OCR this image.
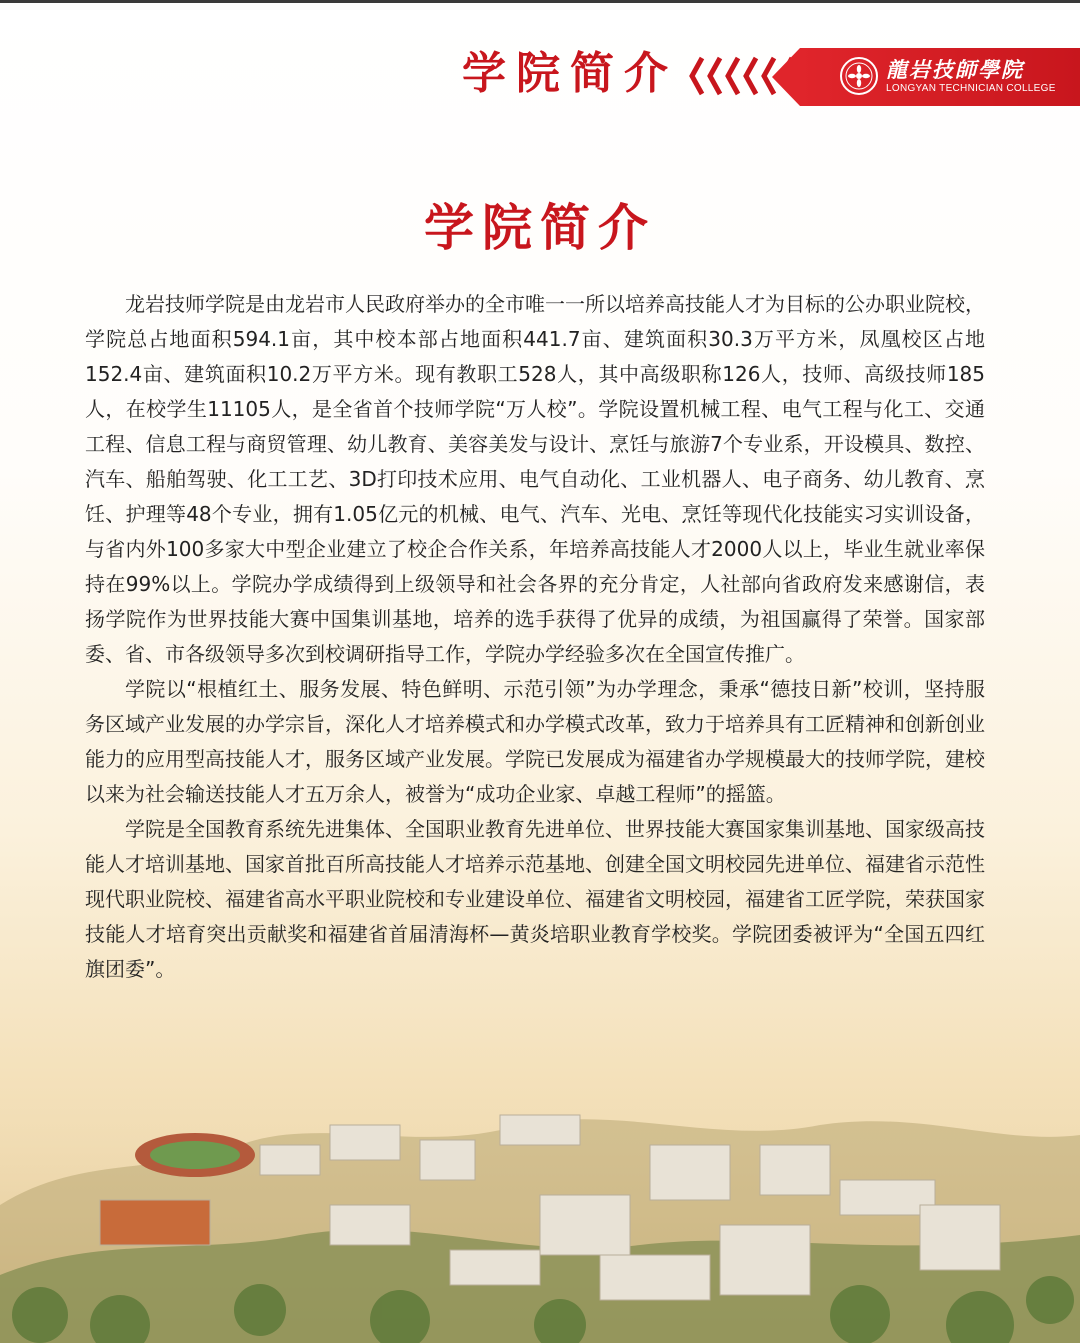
学院简介	龍岩技師學院
LONGYAN TECHNICIAN COLLEGE
学院简介

龙岩技师学院是由龙岩市人民政府举办的全市唯一一所以培养高技能人才为目标的公办职业院校，学院总占地面积594.1亩，其中校本部占地面积441.7亩、建筑面积30.3万平方米，凤凰校区占地152.4亩、建筑面积10.2万平方米。现有教职工528人，其中高级职称126人，技师、高级技师185人，在校学生11105人，是全省首个技师学院“万人校”。学院设置机械工程、电气工程与化工、交通工程、信息工程与商贸管理、幼儿教育、美容美发与设计、烹饪与旅游7个专业系，开设模具、数控、汽车、船舶驾驶、化工工艺、3D打印技术应用、电气自动化、工业机器人、电子商务、幼儿教育、烹饪、护理等48个专业，拥有1.05亿元的机械、电气、汽车、光电、烹饪等现代化技能实习实训设备，与省内外100多家大中型企业建立了校企合作关系，年培养高技能人才2000人以上，毕业生就业率保持在99%以上。学院办学成绩得到上级领导和社会各界的充分肯定，人社部向省政府发来感谢信，表扬学院作为世界技能大赛中国集训基地，培养的选手获得了优异的成绩，为祖国赢得了荣誉。国家部委、省、市各级领导多次到校调研指导工作，学院办学经验多次在全国宣传推广。

学院以“根植红土、服务发展、特色鲜明、示范引领”为办学理念，秉承“德技日新”校训，坚持服务区域产业发展的办学宗旨，深化人才培养模式和办学模式改革，致力于培养具有工匠精神和创新创业能力的应用型高技能人才，服务区域产业发展。学院已发展成为福建省办学规模最大的技师学院，建校以来为社会输送技能人才五万余人，被誉为“成功企业家、卓越工程师”的摇篮。

学院是全国教育系统先进集体、全国职业教育先进单位、世界技能大赛国家集训基地、国家级高技能人才培训基地、国家首批百所高技能人才培养示范基地、创建全国文明校园先进单位、福建省示范性现代职业院校、福建省高水平职业院校和专业建设单位、福建省文明校园，福建省工匠学院，荣获国家技能人才培育突出贡献奖和福建省首届清海杯—黄炎培职业教育学校奖。学院团委被评为“全国五四红旗团委”。
